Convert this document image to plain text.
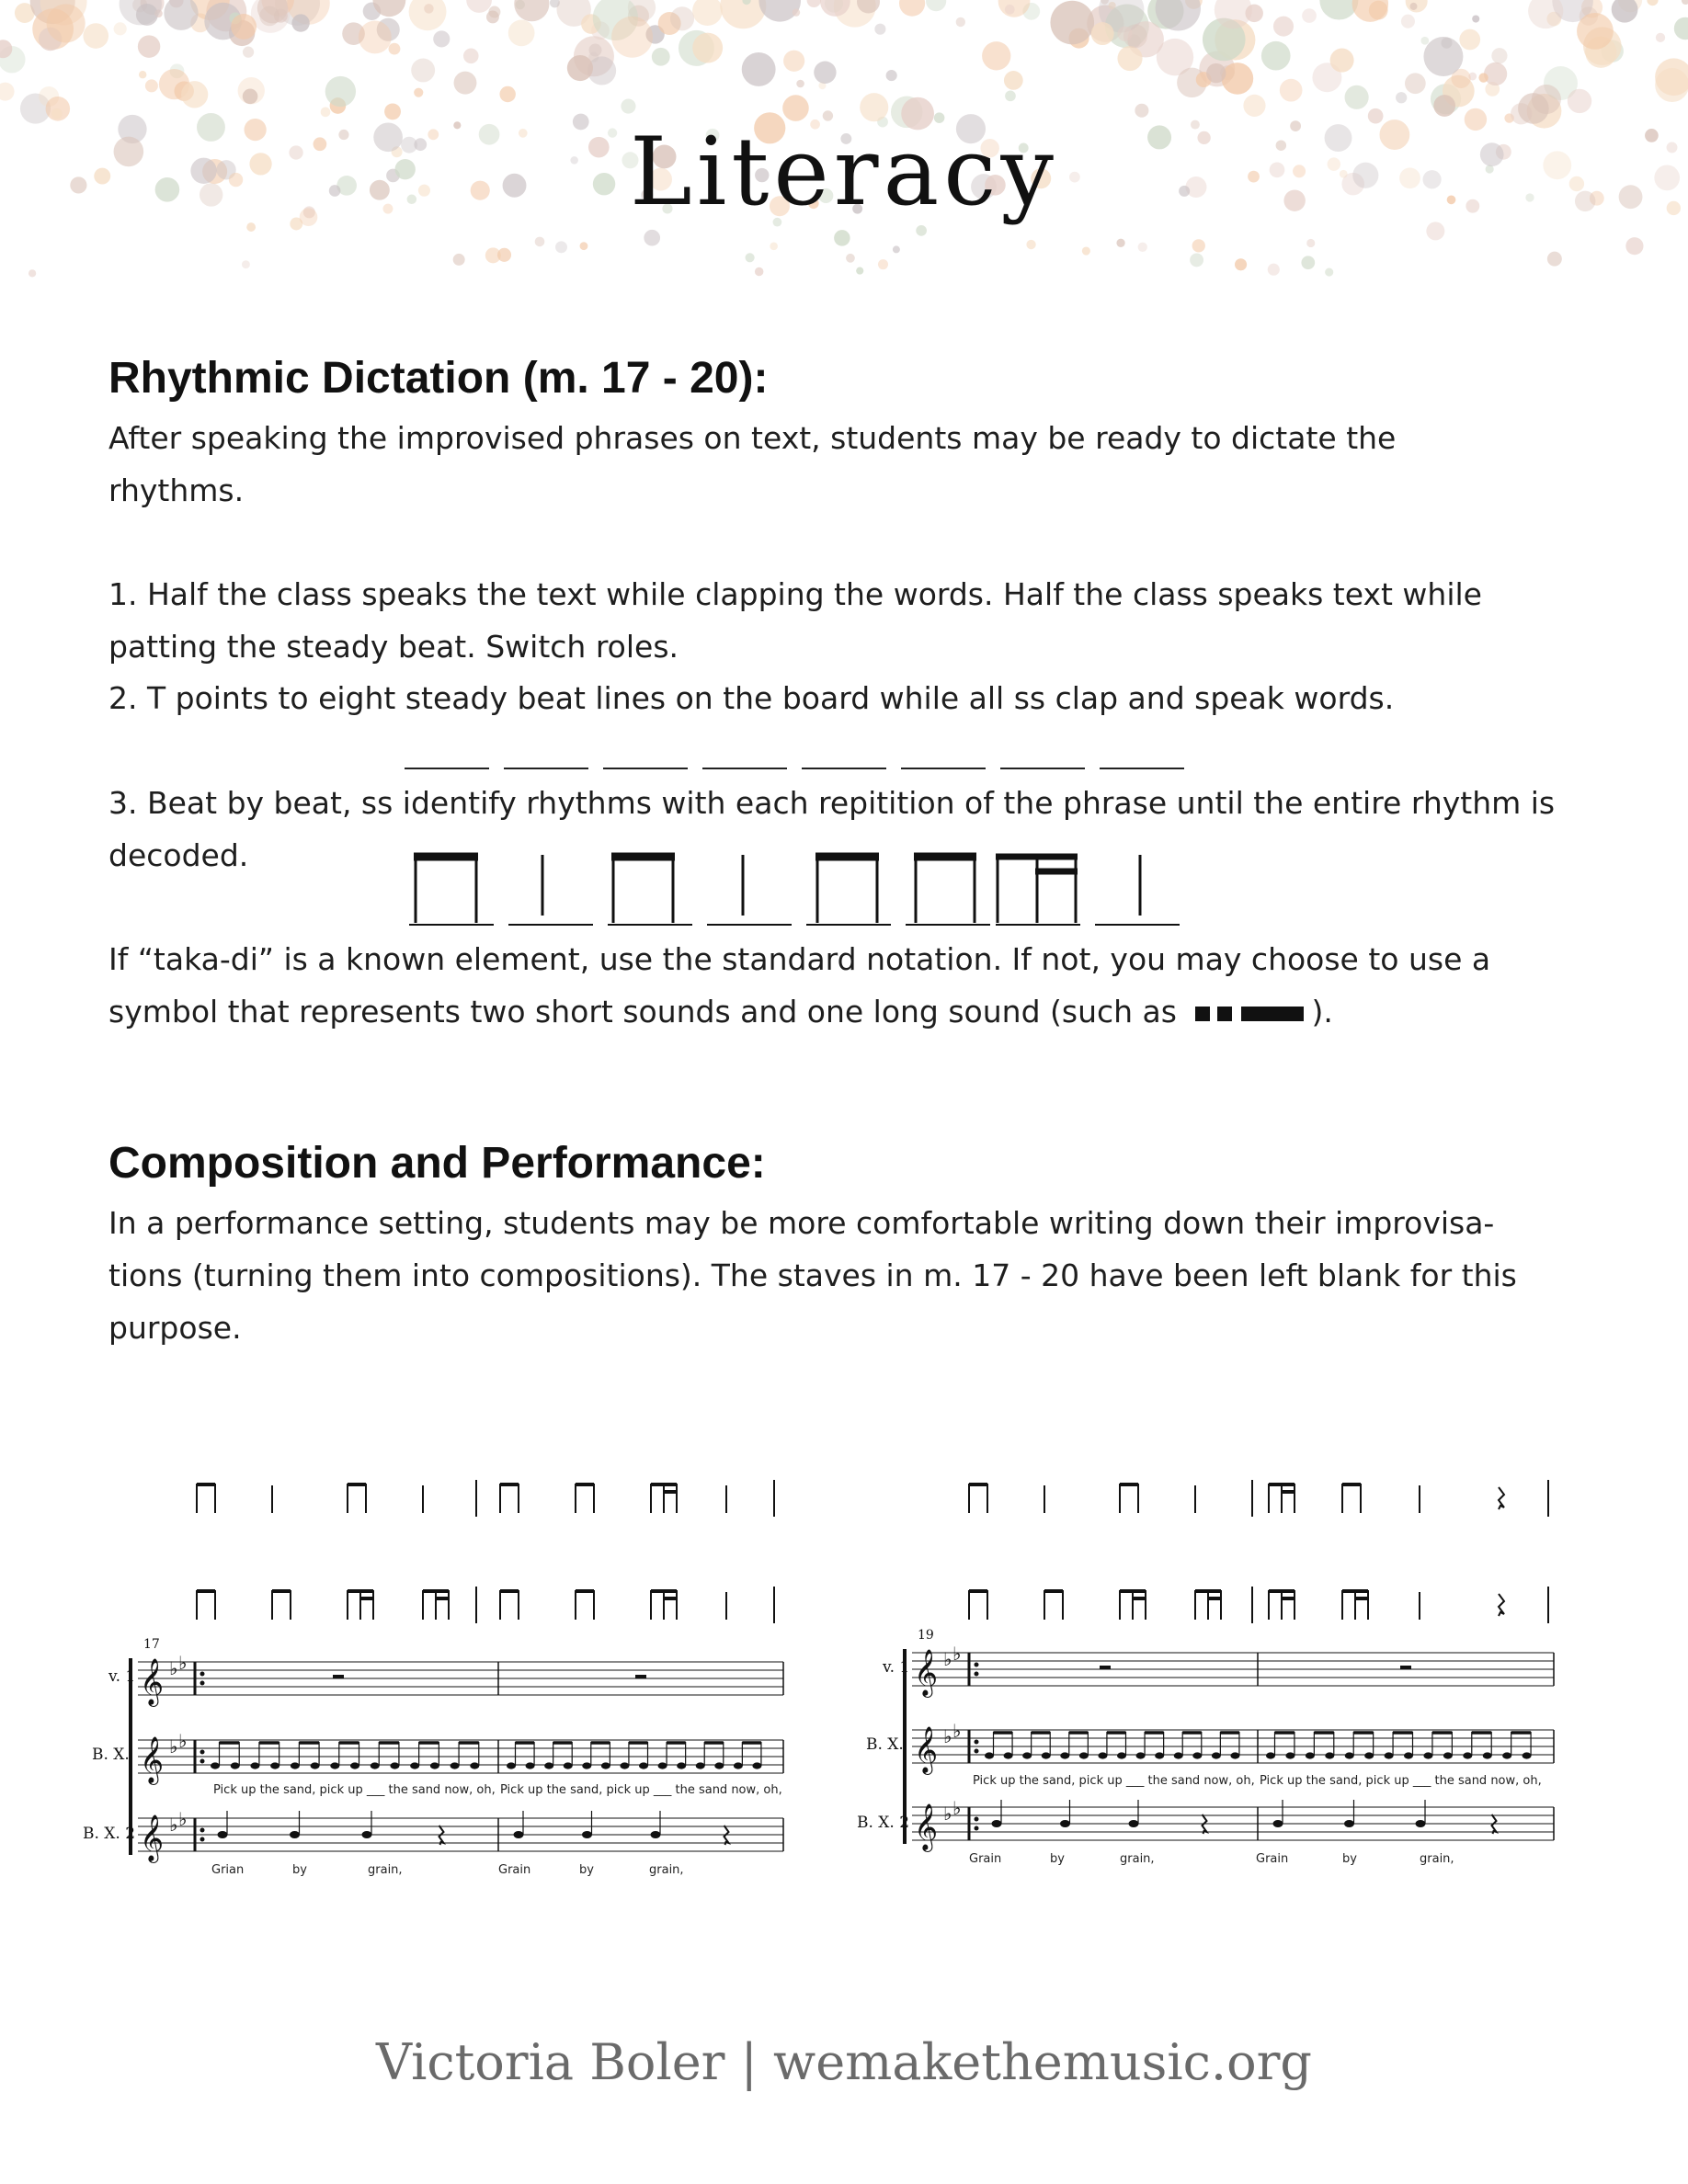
Literacy
Rhythmic Dictation (m. 17 - 20):

After speaking the improvised phrases on text, students may be ready to dictate the

rhythms.

1. Half the class speaks the text while clapping the words. Half the class speaks text while

patting the steady beat. Switch roles.

2. T points to eight steady beat lines on the board while all ss clap and speak words.

3. Beat by beat, ss identify rhythms with each repitition of the phrase until the entire rhythm is

decoded.

If “taka-di” is a known element, use the standard notation. If not, you may choose to use a

symbol that represents two short sounds and one long sound (such as	).

Composition and Performance:

In a performance setting, students may be more comfortable writing down their improvisa-

tions (turning them into compositions). The staves in m. 17 - 20 have been left blank for this

purpose.

𝄞 ♭ ♭
𝄞 ♭ ♭
𝄞 ♭ ♭
𝄞 ♭ ♭
𝄞 ♭ ♭
𝄞 ♭ ♭
17
v. 1
B. X.
B. X. 2
19
v. 1
B. X.
B. X. 2
Pick up the sand, pick up ___ the sand now, oh, Pick up the sand, pick up ___ the sand now, oh,
Grian	by	grain,	Grain	by	grain,
Pick up the sand, pick up ___ the sand now, oh, Pick up the sand, pick up ___ the sand now, oh,
Grain	by	grain,	Grain	by	grain,

Victoria Boler | wemakethemusic.org
